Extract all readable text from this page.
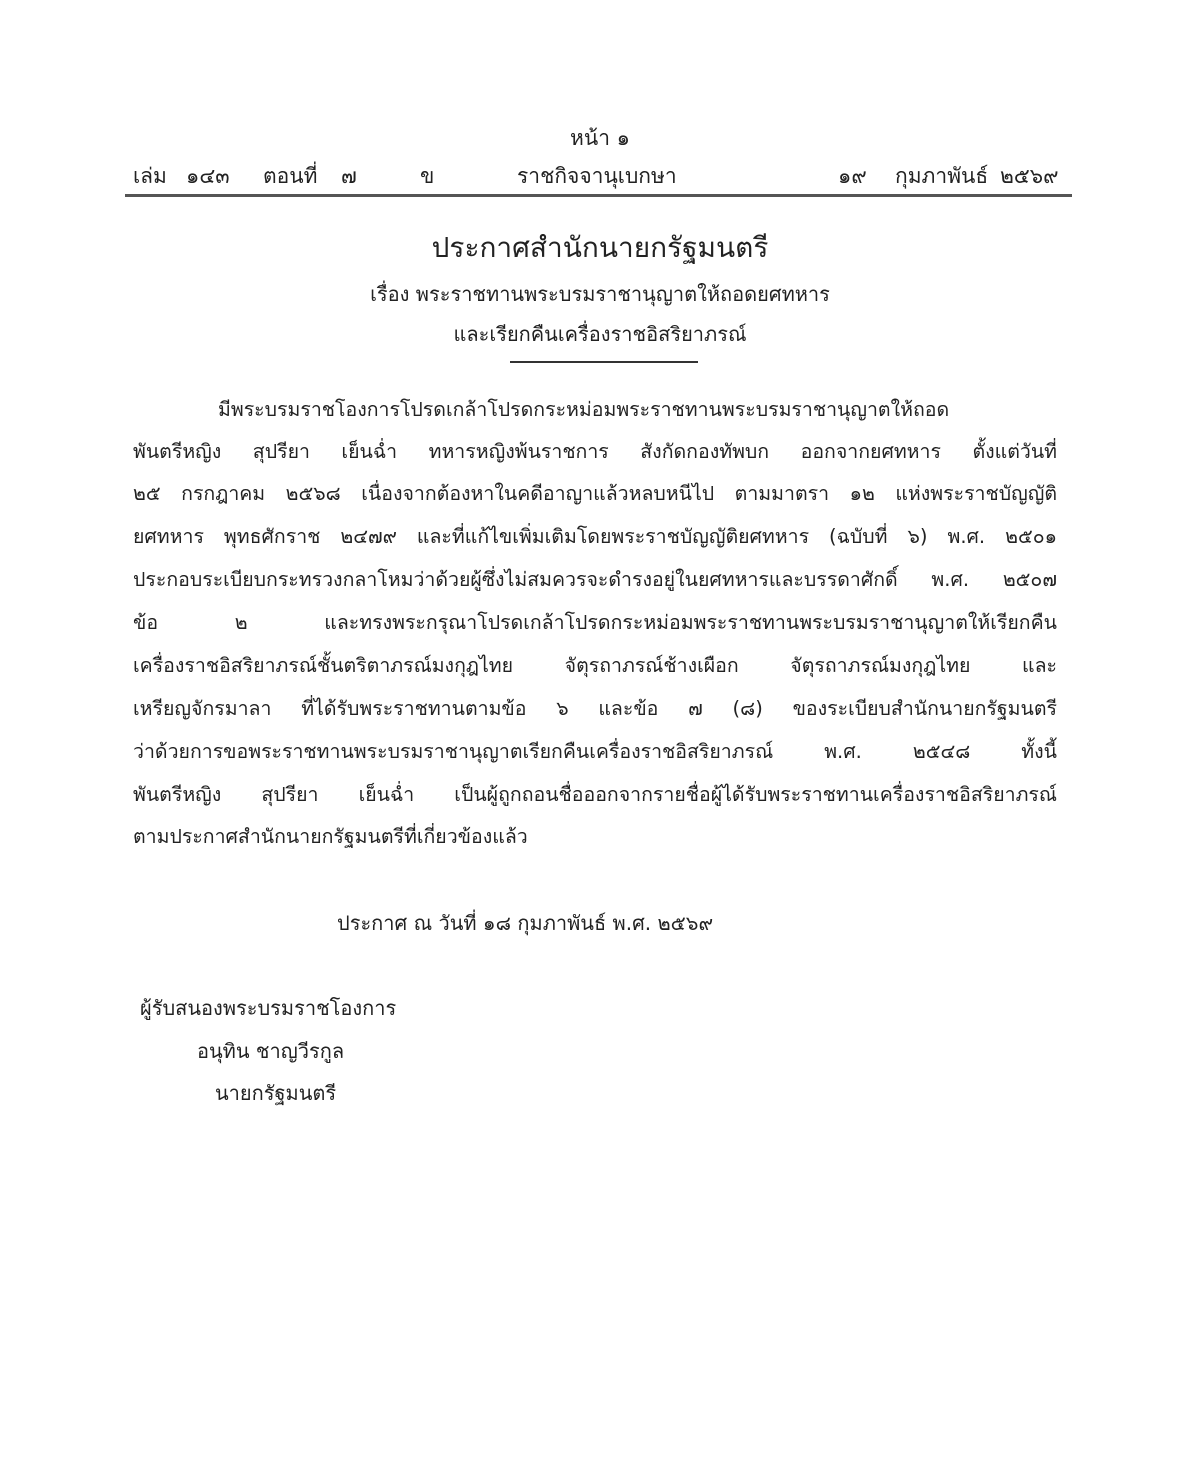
หน้า ๑
เล่ม ๑๔๓ ตอนที่ ๗	ข	ราชกิจจานุเบกษา	๑๙ กุมภาพันธ์ ๒๕๖๙
ประกาศสำนักนายกรัฐมนตรี
เรื่อง พระราชทานพระบรมราชานุญาตให้ถอดยศทหาร
และเรียกคืนเครื่องราชอิสริยาภรณ์
มีพระบรมราชโองการโปรดเกล้าโปรดกระหม่อมพระราชทานพระบรมราชานุญาตให้ถอด
พันตรีหญิง สุปรียา เย็นฉ่ำ ทหารหญิงพ้นราชการ สังกัดกองทัพบก ออกจากยศทหาร ตั้งแต่วันที่
๒๕ กรกฎาคม ๒๕๖๘ เนื่องจากต้องหาในคดีอาญาแล้วหลบหนีไป ตามมาตรา ๑๒ แห่งพระราชบัญญัติ
ยศทหาร พุทธศักราช ๒๔๗๙ และที่แก้ไขเพิ่มเติมโดยพระราชบัญญัติยศทหาร (ฉบับที่ ๖) พ.ศ. ๒๕๐๑
ประกอบระเบียบกระทรวงกลาโหมว่าด้วยผู้ซึ่งไม่สมควรจะดำรงอยู่ในยศทหารและบรรดาศักดิ์ พ.ศ. ๒๕๐๗
ข้อ ๒ และทรงพระกรุณาโปรดเกล้าโปรดกระหม่อมพระราชทานพระบรมราชานุญาตให้เรียกคืน
เครื่องราชอิสริยาภรณ์ชั้นตริตาภรณ์มงกุฎไทย จัตุรถาภรณ์ช้างเผือก จัตุรถาภรณ์มงกุฎไทย และ
เหรียญจักรมาลา ที่ได้รับพระราชทานตามข้อ ๖ และข้อ ๗ (๘) ของระเบียบสำนักนายกรัฐมนตรี
ว่าด้วยการขอพระราชทานพระบรมราชานุญาตเรียกคืนเครื่องราชอิสริยาภรณ์ พ.ศ. ๒๕๔๘ ทั้งนี้
พันตรีหญิง สุปรียา เย็นฉ่ำ เป็นผู้ถูกถอนชื่อออกจากรายชื่อผู้ได้รับพระราชทานเครื่องราชอิสริยาภรณ์
ตามประกาศสำนักนายกรัฐมนตรีที่เกี่ยวข้องแล้ว
ประกาศ ณ วันที่ ๑๘ กุมภาพันธ์ พ.ศ. ๒๕๖๙
ผู้รับสนองพระบรมราชโองการ
อนุทิน ชาญวีรกูล
นายกรัฐมนตรี
